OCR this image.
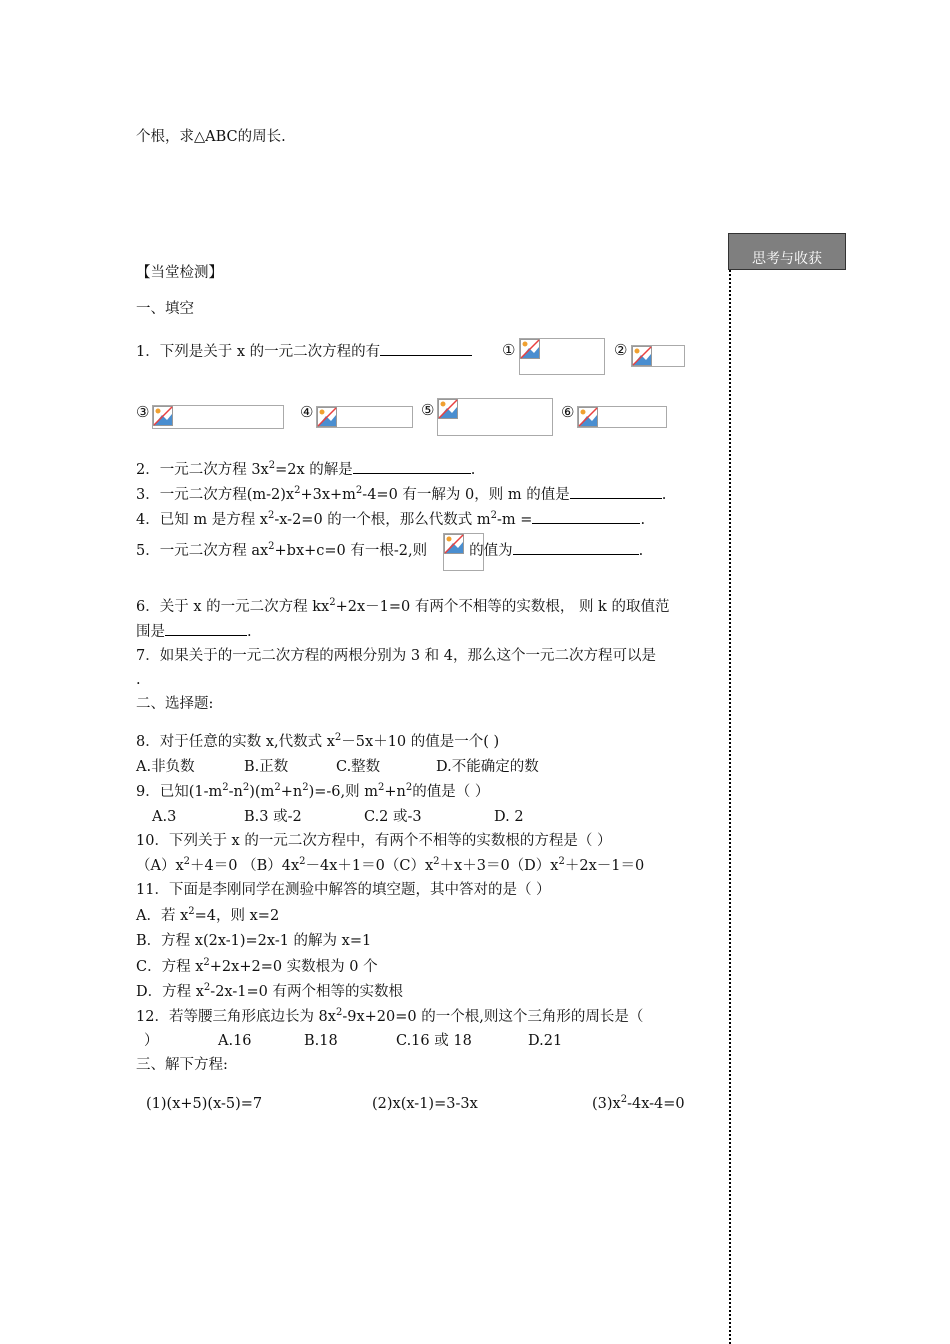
思考与收获
个根，求△ABC的周长.
【当堂检测】
一、填空
1．下列是关于 x 的一元二次方程的有	①	②
③	④	⑤	⑥
2．一元二次方程 $3x^2=2x$ 的解是	.
3．一元二次方程$(m-2)x^2+3x+m^2-4=0$ 有一解为 0，则 m 的值是	.
4．已知 m 是方程 $x^2-x-2=0$ 的一个根，那么代数式 $m^2-m$ =	.
5．一元二次方程 $ax^2+bx+c=0$ 有一根-2,则	的值为	.
6．关于 x 的一元二次方程 $kx^2+2x-1=0$ 有两个不相等的实数根， 则 k 的取值范
围是	.
7．如果关于的一元二次方程的两根分别为 3 和 4，那么这个一元二次方程可以是
.
二、选择题:
8．对于任意的实数 x,代数式 $x^2-5x+10$ 的值是一个( )
A.非负数	B.正数	C.整数	D.不能确定的数
9．已知$(1-m^2-n^2)(m^2+n^2)=-6$,则 $m^2+n^2$的值是（ ）
A.3	B.3 或-2	C.2 或-3	D. 2
10．下列关于 x 的一元二次方程中，有两个不相等的实数根的方程是（ ）
$(A)x^2+4=0$ $(B)4x^2-4x+1=0(C)x^2+x+3=0(D)x^2+2x-1=0$
11．下面是李刚同学在测验中解答的填空题，其中答对的是（ ）
A．若 $x^2=4$，则 x=2
B．方程 x(2x-1)=2x-1 的解为 x=1
C．方程 $x^2+2x+2=0$ 实数根为 0 个
D．方程 $x^2-2x-1=0$ 有两个相等的实数根
12．若等腰三角形底边长为 $8x^2-9x+20=0$ 的一个根,则这个三角形的周长是（
）	A.16	B.18	C.16 或 18	D.21
三、解下方程:
(1)(x+5)(x-5)=7	(2)x(x-1)=3-3x	$(3)x^2-4x-4=0$
